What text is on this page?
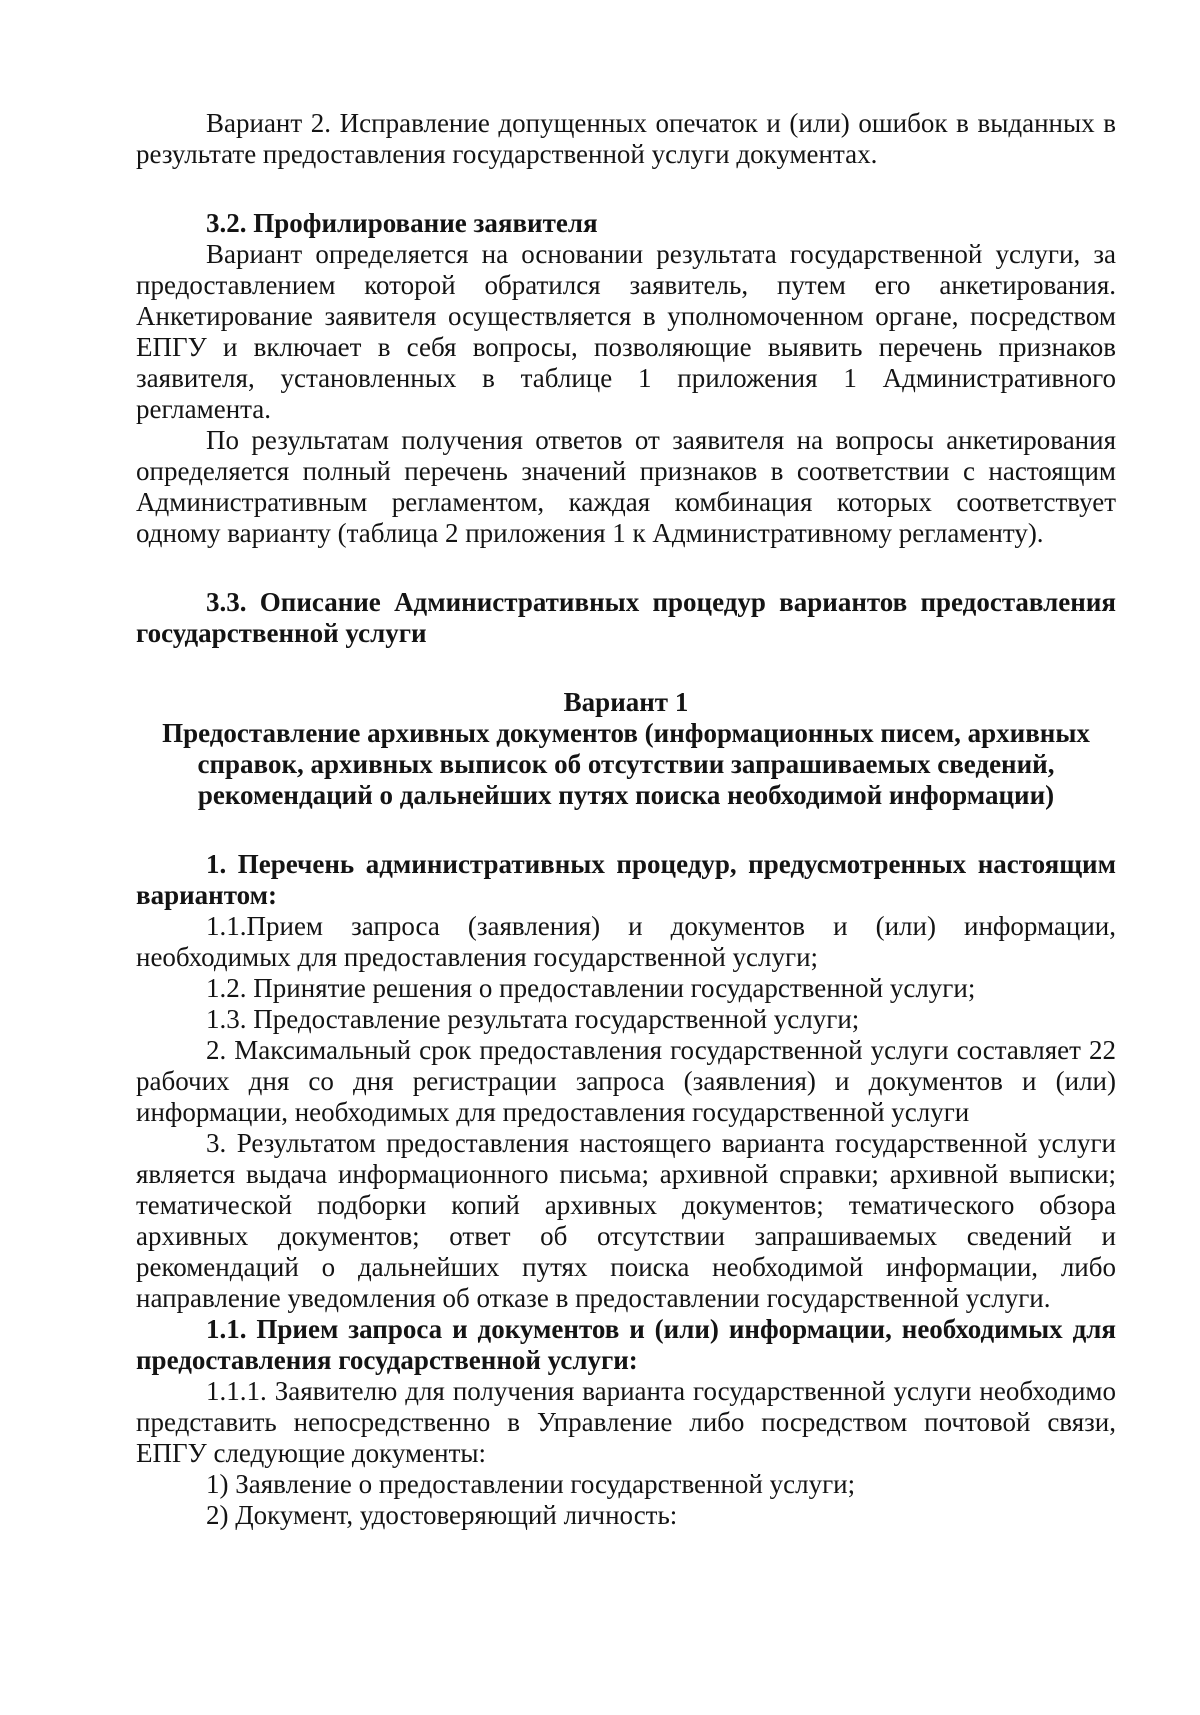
Вариант 2. Исправление допущенных опечаток и (или) ошибок в выданных в результате предоставления государственной услуги документах.

3.2. Профилирование заявителя

Вариант определяется на основании результата государственной услуги, за предоставлением которой обратился заявитель, путем его анкетирования. Анкетирование заявителя осуществляется в уполномоченном органе, посредством ЕПГУ и включает в себя вопросы, позволяющие выявить перечень признаков заявителя, установленных в таблице 1 приложения 1 Административного регламента.

По результатам получения ответов от заявителя на вопросы анкетирования определяется полный перечень значений признаков в соответствии с настоящим Административным регламентом, каждая комбинация которых соответствует одному варианту (таблица 2 приложения 1 к Административному регламенту).

3.3. Описание Административных процедур вариантов предоставления государственной услуги

Вариант 1

Предоставление архивных документов (информационных писем, архивных справок, архивных выписок об отсутствии запрашиваемых сведений, рекомендаций о дальнейших путях поиска необходимой информации)

1. Перечень административных процедур, предусмотренных настоящим вариантом:

1.1.Прием запроса (заявления) и документов и (или) информации, необходимых для предоставления государственной услуги;

1.2. Принятие решения о предоставлении государственной услуги;

1.3. Предоставление результата государственной услуги;

2. Максимальный срок предоставления государственной услуги составляет 22 рабочих дня со дня регистрации запроса (заявления) и документов и (или) информации, необходимых для предоставления государственной услуги

3. Результатом предоставления настоящего варианта государственной услуги является выдача информационного письма; архивной справки; архивной выписки; тематической подборки копий архивных документов; тематического обзора архивных документов; ответ об отсутствии запрашиваемых сведений и рекомендаций о дальнейших путях поиска необходимой информации, либо направление уведомления об отказе в предоставлении государственной услуги.

1.1. Прием запроса и документов и (или) информации, необходимых для предоставления государственной услуги:

1.1.1. Заявителю для получения варианта государственной услуги необходимо представить непосредственно в Управление либо посредством почтовой связи, ЕПГУ следующие документы:

1) Заявление о предоставлении государственной услуги;

2) Документ, удостоверяющий личность:
